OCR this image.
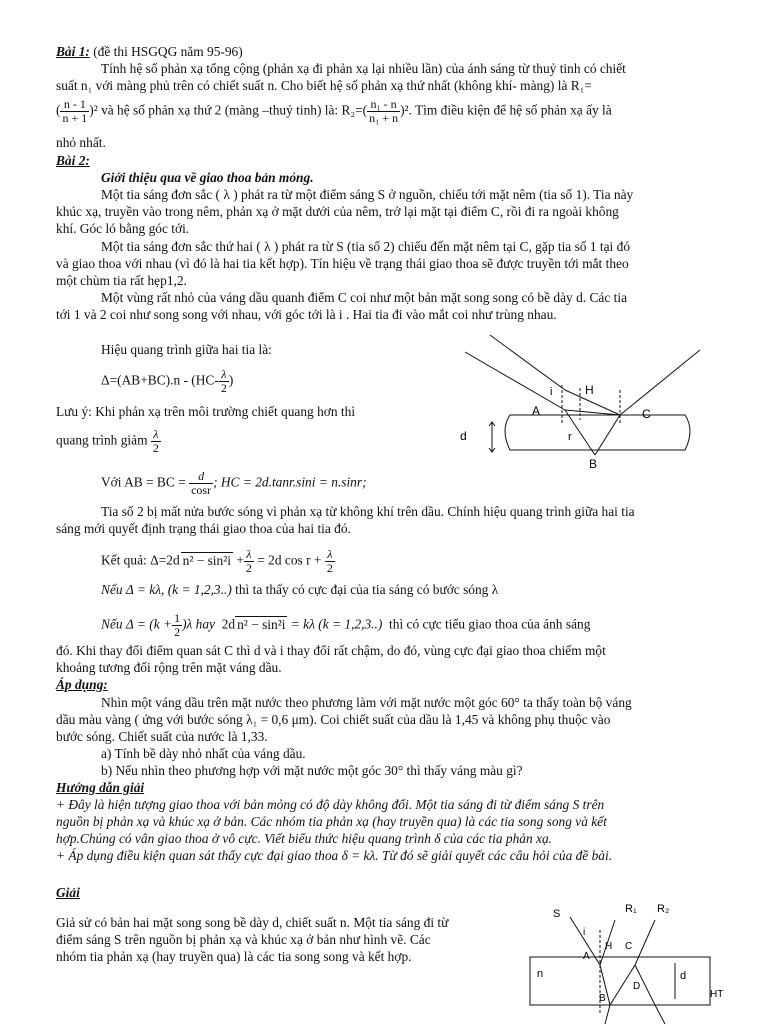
Bài 1: (đề thi HSGQG năm 95-96)
Tính hệ số phản xạ tổng cộng (phản xạ đi phản xạ lại nhiều lần) của ánh sáng từ thuỷ tinh có chiết
suất n₁ với màng phủ trên có chiết suất n. Cho biết hệ số phản xạ thứ nhất (không khí- màng) là R₁=
( $\frac{n - 1}{n + 1} )^2$ và hệ số phản xạ thứ 2 (màng –thuỷ tinh) là: $R_2=( \frac{\text{n₁ - n}}{\text{n₁ + n}} )^2$. Tìm điều kiện để hệ số phản xạ ấy là
nhỏ nhất.
Bài 2:
Giới thiệu qua về giao thoa bản mỏng.
Một tia sáng đơn sắc ( λ ) phát ra từ một điểm sáng S ở nguồn, chiếu tới mặt nêm (tia số 1). Tia này
khúc xạ, truyền vào trong nêm, phản xạ ở mặt dưới của nêm, trở lại mặt tại điểm C, rồi đi ra ngoài không
khí. Góc ló bằng góc tới.
Một tia sáng đơn sắc thứ hai ( λ ) phát ra từ S (tia số 2) chiếu đến mặt nêm tại C, gặp tia số 1 tại đó
và giao thoa với nhau (vì đó là hai tia kết hợp). Tín hiệu về trạng thái giao thoa sẽ được truyền tới mắt theo
một chùm tia rất hẹp1,2.
Một vùng rất nhỏ của váng dầu quanh điểm C coi như một bản mặt song song có bề dày d. Các tia
tới 1 và 2 coi như song song với nhau, với góc tới là i . Hai tia đi vào mắt coi như trùng nhau.
Hiệu quang trình giữa hai tia là:
$\Delta=(AB+BC).n - (HC- \frac{\lambda}{2}$ )
Lưu ý: Khi phản xạ trên môi trường chiết quang hơn thì
quang trình giảm $\frac{\lambda}{2}$
Với AB = BC = $\frac{d}{\cos r}$ ; HC = 2d.tanr.sini = n.sinr;
Tia số 2 bị mất nửa bước sóng vì phản xạ từ không khí trên dầu. Chính hiệu quang trình giữa hai tia
sáng mới quyết định trạng thái giao thoa của hai tia đó.
Kết quả: Δ=2d $n^2 - \sin^2i + \frac{\lambda}{2} = 2d$ $\cos r + \frac{\lambda}{2}$
Nếu Δ = kλ, (k = 1,2,3..) thì ta thấy có cực đại của tia sáng có bước sóng λ
Nếu $\Delta = (k + \frac{1}{2} )\lambda$ hay 2d n² − sin²i = kλ (k = 1,2,3..) thì có cực tiểu giao thoa của ánh sáng
đó. Khi thay đổi điểm quan sát C thì d và i thay đổi rất chậm, do đó, vùng cực đại giao thoa chiếm một
khoảng tương đối rộng trên mặt váng dầu.
Áp dụng:
Nhìn một váng dầu trên mặt nước theo phương làm với mặt nước một góc 60° ta thấy toàn bộ váng
dầu màu vàng ( ứng với bước sóng λ₁ = 0,6 μm). Coi chiết suất của dầu là 1,45 và không phụ thuộc vào
bước sóng. Chiết suất của nước là 1,33.
a) Tính bề dày nhỏ nhất của váng dầu.
b) Nếu nhìn theo phương hợp với mặt nước một góc 30° thì thấy váng màu gì?
Hướng dẫn giải
+ Đây là hiện tượng giao thoa với bản mỏng có độ dày không đổi. Một tia sáng đi từ điểm sáng S trên
nguồn bị phản xạ và khúc xạ ở bản. Các nhóm tia phản xạ (hay truyền qua) là các tia song song và kết
hợp.Chúng có vân giao thoa ở vô cực. Viết biểu thức hiệu quang trình δ của các tia phản xạ.
+ Áp dụng điều kiện quan sát thấy cực đại giao thoa δ = kλ. Từ đó sẽ giải quyết các câu hỏi của đề bài.
Giải
Giả sử có bản hai mặt song song bề dày d, chiết suất n. Một tia sáng đi từ
điểm sáng S trên nguồn bị phản xạ và khúc xạ ở bản như hình vẽ. Các
nhóm tia phản xạ (hay truyền qua) là các tia song song và kết hợp.
i	H
A	C
r
B
d
S	R₁ R₂
i
H C
A
n	d
D
B	HT
